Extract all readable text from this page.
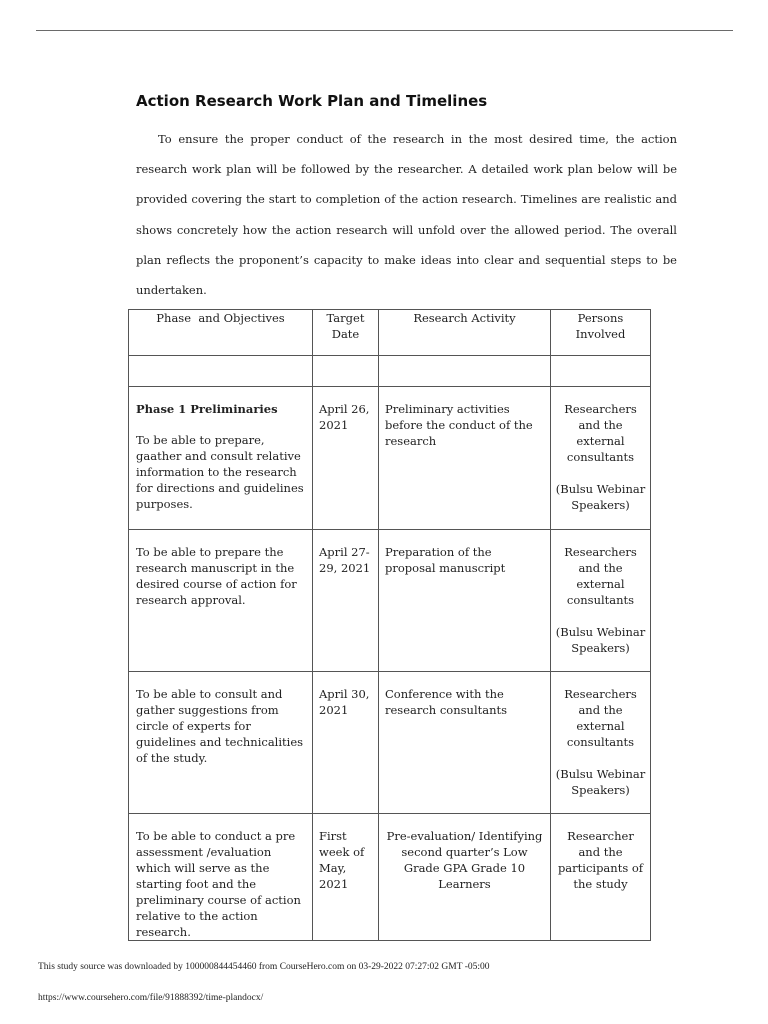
Action Research Work Plan and Timelines

To ensure the proper conduct of the research in the most desired time, the action research work plan will be followed by the researcher. A detailed work plan below will be provided covering the start to completion of the action research. Timelines are realistic and shows concretely how the action research will unfold over the allowed period. The overall plan reflects the proponent’s capacity to make ideas into clear and sequential steps to be undertaken.

Phase  and Objectives	Target Date	Research Activity	Persons Involved

Phase 1 Preliminaries
To be able to prepare, gaather and consult relative information to the research for directions and guidelines purposes.	April 26, 2021	Preliminary activities before the conduct of the research	Researchers and the external consultants
(Bulsu Webinar Speakers)
To be able to prepare the research manuscript in the desired course of action for research approval.	April 27-29, 2021	Preparation of the proposal manuscript	Researchers and the external consultants
(Bulsu Webinar Speakers)
To be able to consult and gather suggestions from circle of experts for guidelines and technicalities of the study.	April 30, 2021	Conference with the research consultants	Researchers and the external consultants
(Bulsu Webinar Speakers)
To be able to conduct a pre assessment /evaluation which will serve as the starting foot and the preliminary course of action relative to the action research.	First week of May, 2021	Pre-evaluation/ Identifying second quarter’s Low Grade GPA Grade 10 Learners	Researcher and the participants of the study
This study source was downloaded by 100000844454460 from CourseHero.com on 03-29-2022 07:27:02 GMT -05:00
https://www.coursehero.com/file/91888392/time-plandocx/
